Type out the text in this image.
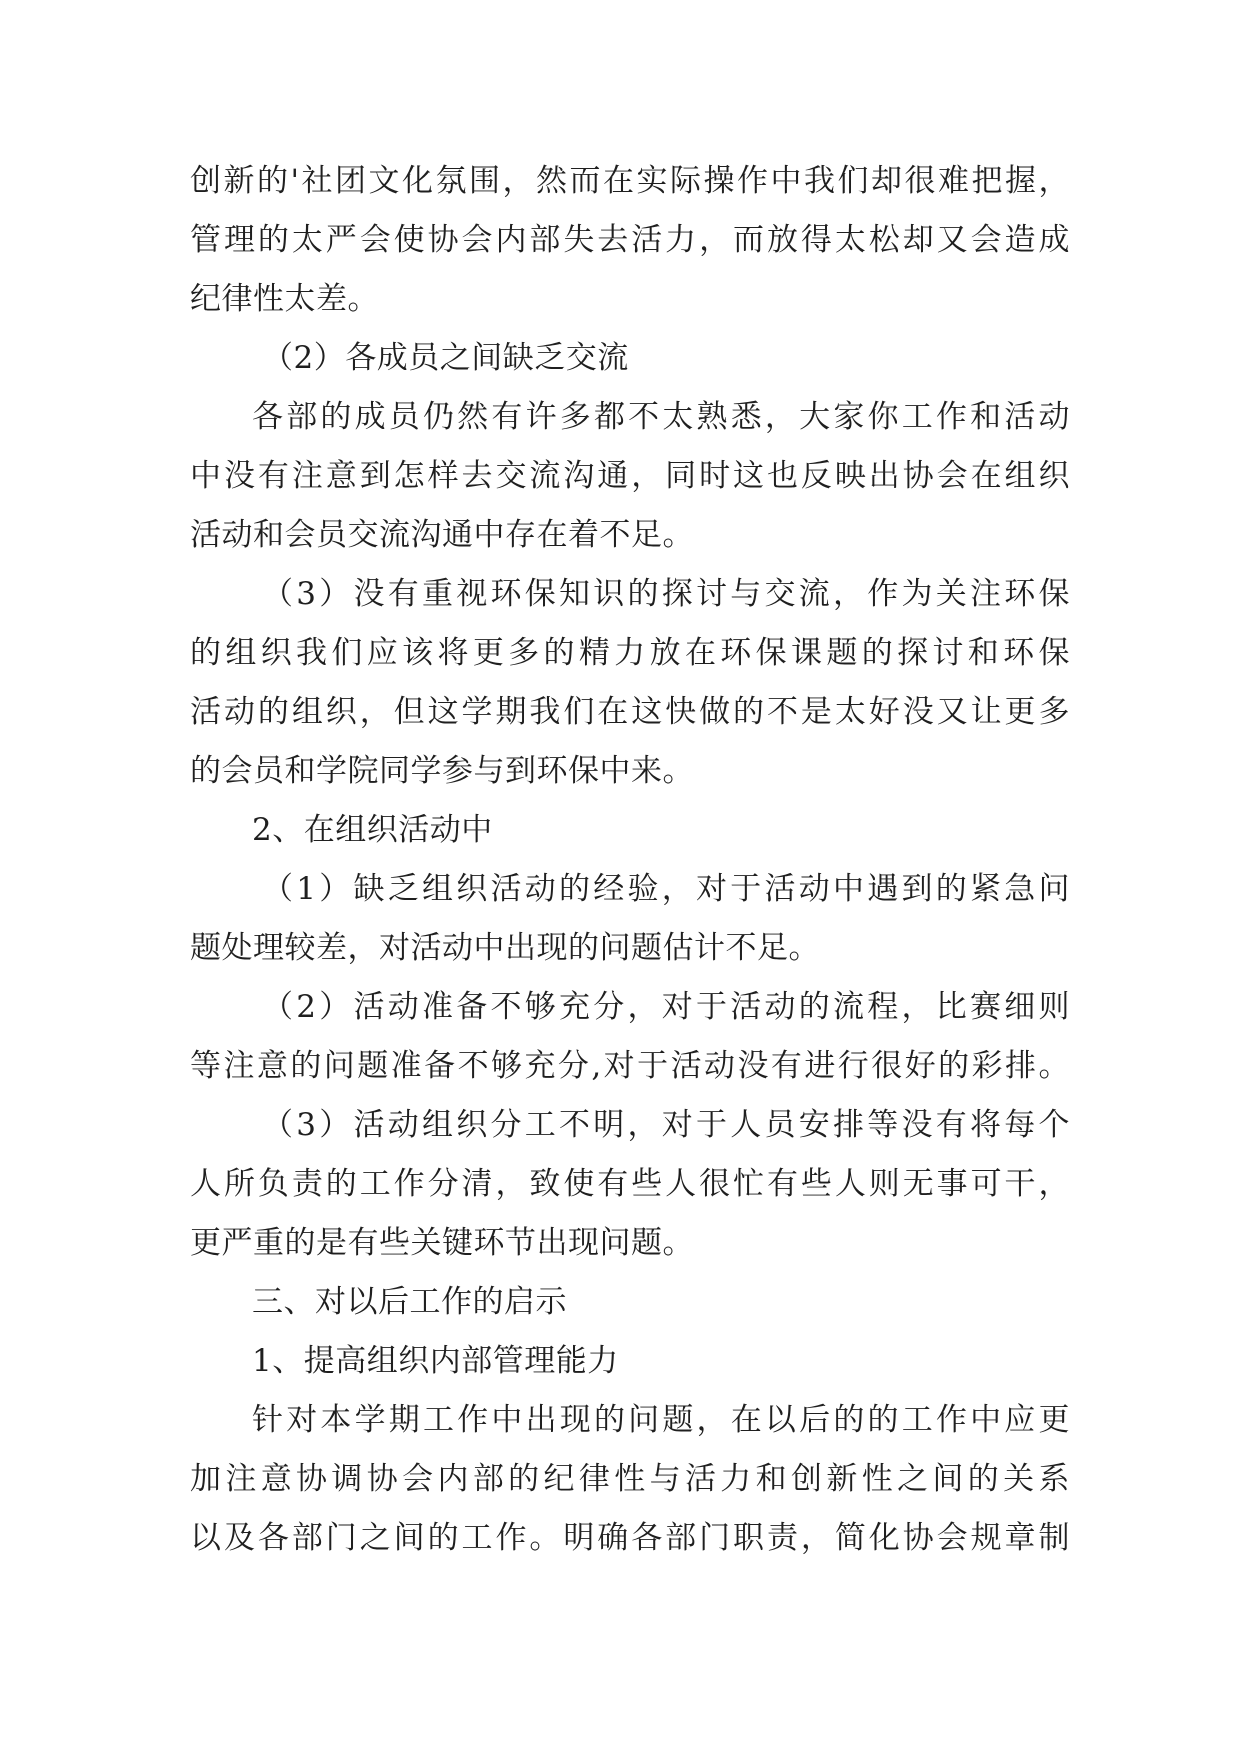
创新的'社团文化氛围，然而在实际操作中我们却很难把握，
管理的太严会使协会内部失去活力，而放得太松却又会造成
纪律性太差。
（2）各成员之间缺乏交流
各部的成员仍然有许多都不太熟悉，大家你工作和活动
中没有注意到怎样去交流沟通，同时这也反映出协会在组织
活动和会员交流沟通中存在着不足。
（3）没有重视环保知识的探讨与交流，作为关注环保
的组织我们应该将更多的精力放在环保课题的探讨和环保
活动的组织，但这学期我们在这快做的不是太好没又让更多
的会员和学院同学参与到环保中来。
2、在组织活动中
（1）缺乏组织活动的经验，对于活动中遇到的紧急问
题处理较差，对活动中出现的问题估计不足。
（2）活动准备不够充分，对于活动的流程，比赛细则
等注意的问题准备不够充分,对于活动没有进行很好的彩排。
（3）活动组织分工不明，对于人员安排等没有将每个
人所负责的工作分清，致使有些人很忙有些人则无事可干，
更严重的是有些关键环节出现问题。
三、对以后工作的启示
1、提高组织内部管理能力
针对本学期工作中出现的问题，在以后的的工作中应更
加注意协调协会内部的纪律性与活力和创新性之间的关系
以及各部门之间的工作。明确各部门职责，简化协会规章制
